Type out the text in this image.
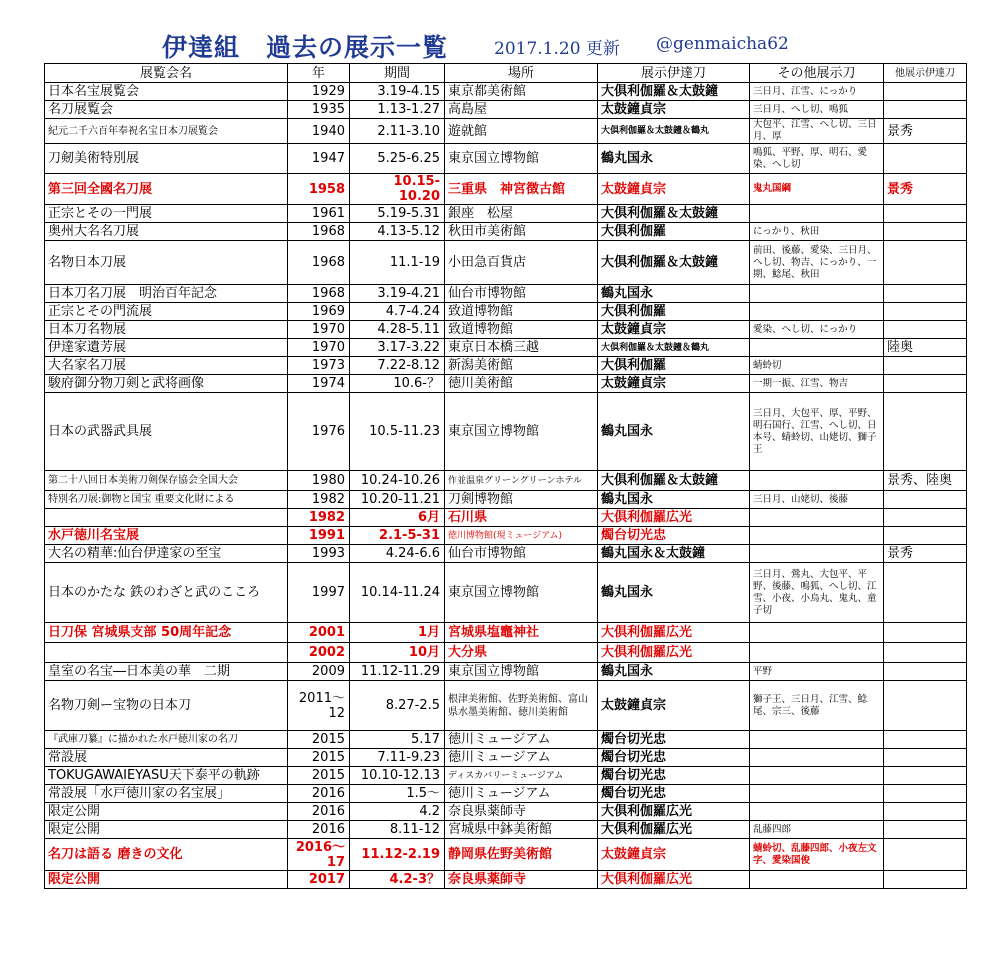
伊達組　過去の展示一覧	2017.1.20 更新 @genmaicha62
展覧会名	年	期間	場所	展示伊達刀	その他展示刀	他展示伊達刀
日本名宝展覧会	1929	3.19-4.15	東京都美術館	大倶利伽羅＆太鼓鐘	三日月、江雪、にっかり	
名刀展覧会	1935	1.13-1.27	高島屋	太鼓鐘貞宗	三日月、へし切、鳴狐	
紀元二千六百年奉祝名宝日本刀展覧会	1940	2.11-3.10	遊就館	大倶利伽羅＆太鼓鐘＆鶴丸	大包平、江雪、へし切、三日月、厚	景秀
刀剱美術特別展	1947	5.25-6.25	東京国立博物館	鶴丸国永	鳴狐、平野、厚、明石、愛染、へし切	
第三回全國名刀展	1958	10.15-10.20	三重県　神宮徴古館	太鼓鐘貞宗	鬼丸国綱	景秀
正宗とその一門展	1961	5.19-5.31	銀座　松屋	大倶利伽羅＆太鼓鐘		
奥州大名名刀展	1968	4.13-5.12	秋田市美術館	大倶利伽羅	にっかり、秋田	
名物日本刀展	1968	11.1-19	小田急百貨店	大倶利伽羅＆太鼓鐘	前田、後藤、愛染、三日月、へし切、物吉、にっかり、一期、鯰尾、秋田	
日本刀名刀展　明治百年記念	1968	3.19-4.21	仙台市博物館	鶴丸国永		
正宗とその門流展	1969	4.7-4.24	致道博物館	大倶利伽羅		
日本刀名物展	1970	4.28-5.11	致道博物館	太鼓鐘貞宗	愛染、へし切、にっかり	
伊達家遺芳展	1970	3.17-3.22	東京日本橋三越	大倶利伽羅＆太鼓鐘＆鶴丸		陸奥
大名家名刀展	1973	7.22-8.12	新潟美術館	大倶利伽羅	蜻蛉切	
駿府御分物刀剣と武将画像	1974	10.6-？	徳川美術館	太鼓鐘貞宗	一期一振、江雪、物吉	
日本の武器武具展	1976	10.5-11.23	東京国立博物館	鶴丸国永	三日月、大包平、厚、平野、明石国行、江雪、へし切、日本号、蜻蛉切、山姥切、獅子王	
第二十八回日本美術刀剣保存協会全国大会	1980	10.24-10.26	作並温泉グリーングリーンホテル	大倶利伽羅＆太鼓鐘		景秀、陸奥
特別名刀展:御物と国宝 重要文化財による	1982	10.20-11.21	刀剣博物館	鶴丸国永	三日月、山姥切、後藤	
	1982	6月	石川県	大倶利伽羅広光		
水戸徳川名宝展	1991	2.1-5-31	徳川博物館(現ミュージアム)	燭台切光忠		
大名の精華:仙台伊達家の至宝	1993	4.24-6.6	仙台市博物館	鶴丸国永＆太鼓鐘		景秀
日本のかたな 鉄のわざと武のこころ	1997	10.14-11.24	東京国立博物館	鶴丸国永	三日月、鶯丸、大包平、平野、後藤、鳴狐、へし切、江雪、小夜、小烏丸、鬼丸、童子切	
日刀保 宮城県支部 50周年記念	2001	1月	宮城県塩竈神社	大倶利伽羅広光		
	2002	10月	大分県	大倶利伽羅広光		
皇室の名宝―日本美の華　二期	2009	11.12-11.29	東京国立博物館	鶴丸国永	平野	
名物刀剣ー宝物の日本刀	2011～12	8.27-2.5	根津美術館、佐野美術館、富山県水墨美術館、徳川美術館	太鼓鐘貞宗	獅子王、三日月、江雪、鯰尾、宗三、後藤	
『武庫刀纂』に描かれた水戸徳川家の名刀	2015	5.17	徳川ミュージアム	燭台切光忠		
常設展	2015	7.11-9.23	徳川ミュージアム	燭台切光忠		
TOKUGAWAIEYASU天下泰平の軌跡	2015	10.10-12.13	ディスカバリーミュージアム	燭台切光忠		
常設展「水戸徳川家の名宝展」	2016	1.5～	徳川ミュージアム	燭台切光忠		
限定公開	2016	4.2	奈良県薬師寺	大倶利伽羅広光		
限定公開	2016	8.11-12	宮城県中鉢美術館	大倶利伽羅広光	乱藤四郎	
名刀は語る 磨きの文化	2016～17	11.12-2.19	静岡県佐野美術館	太鼓鐘貞宗	蜻蛉切、乱藤四郎、小夜左文字、愛染国俊	
限定公開	2017	4.2-3？	奈良県薬師寺	大倶利伽羅広光		
